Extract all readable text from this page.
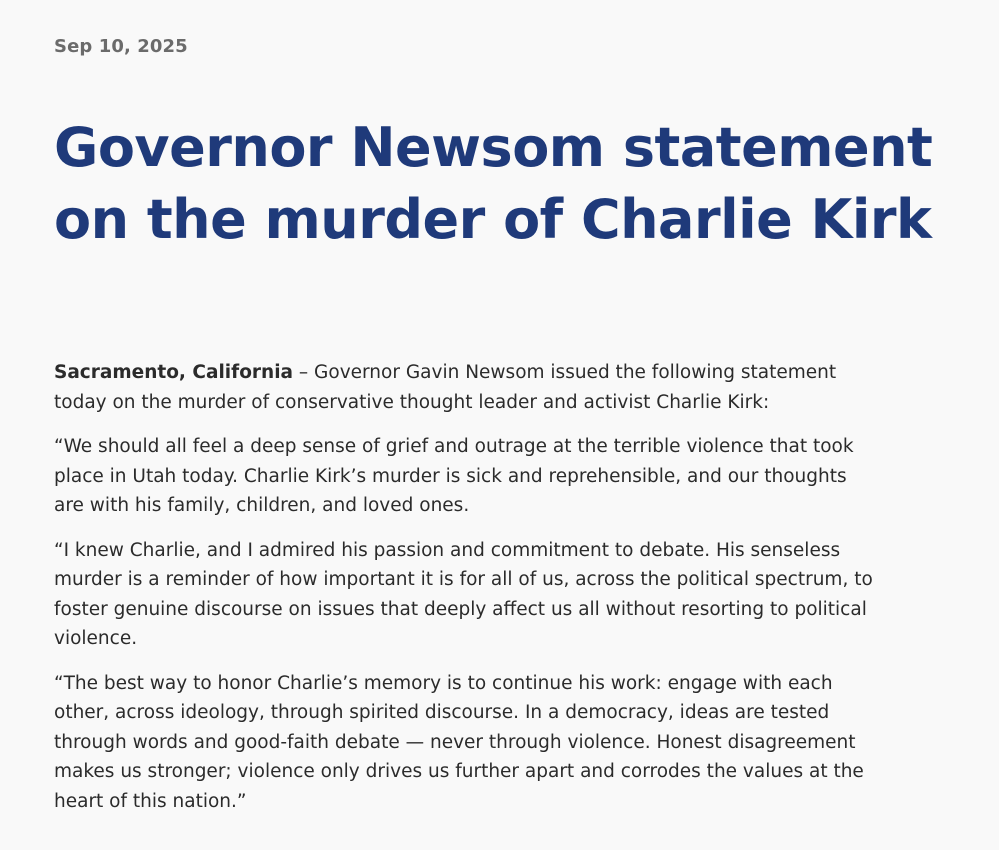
Sep 10, 2025
Governor Newsom statement
on the murder of Charlie Kirk

Sacramento, California – Governor Gavin Newsom issued the following statement today on the murder of conservative thought leader and activist Charlie Kirk:

“We should all feel a deep sense of grief and outrage at the terrible violence that took place in Utah today. Charlie Kirk’s murder is sick and reprehensible, and our thoughts are with his family, children, and loved ones.

“I knew Charlie, and I admired his passion and commitment to debate. His senseless murder is a reminder of how important it is for all of us, across the political spectrum, to foster genuine discourse on issues that deeply affect us all without resorting to political violence.

“The best way to honor Charlie’s memory is to continue his work: engage with each other, across ideology, through spirited discourse. In a democracy, ideas are tested through words and good-faith debate — never through violence. Honest disagreement makes us stronger; violence only drives us further apart and corrodes the values at the heart of this nation.”
